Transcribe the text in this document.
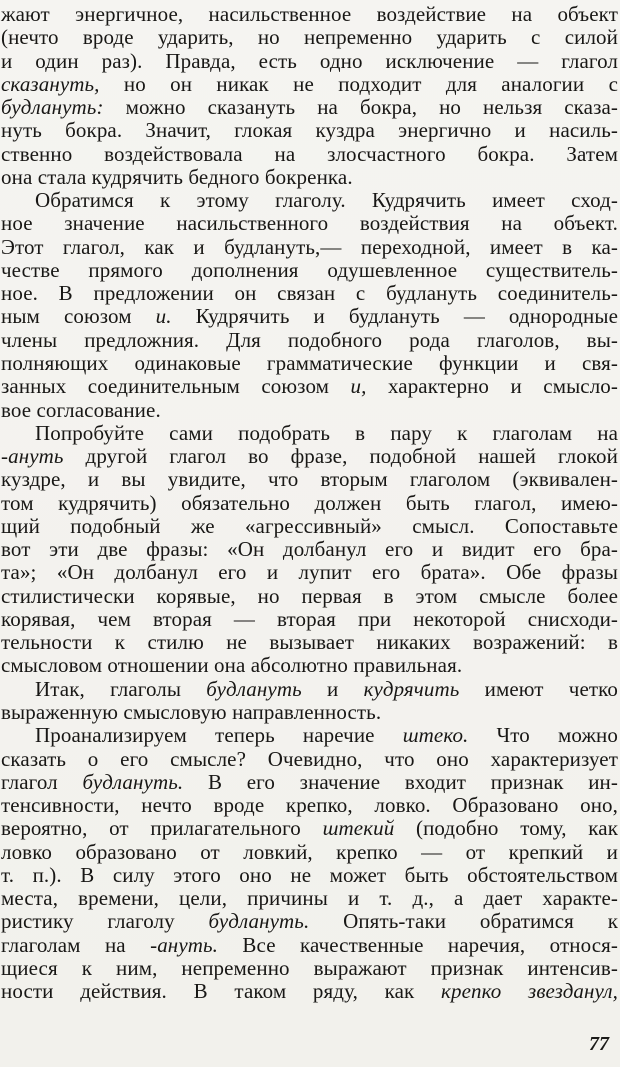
жают энергичное, насильственное воздействие на объект
(нечто вроде ударить, но непременно ударить с силой
и один раз). Правда, есть одно исключение — глагол
сказануть, но он никак не подходит для аналогии с
будлануть: можно сказануть на бокра, но нельзя сказа-
нуть бокра. Значит, глокая куздра энергично и насиль-
ственно воздействовала на злосчастного бокра. Затем
она стала кудрячить бедного бокренка.
Обратимся к этому глаголу. Кудрячить имеет сход-
ное значение насильственного воздействия на объект.
Этот глагол, как и будлануть,— переходной, имеет в ка-
честве прямого дополнения одушевленное существитель-
ное. В предложении он связан с будлануть соединитель-
ным союзом и. Кудрячить и будлануть — однородные
члены предложния. Для подобного рода глаголов, вы-
полняющих одинаковые грамматические функции и свя-
занных соединительным союзом и, характерно и смысло-
вое согласование.
Попробуйте сами подобрать в пару к глаголам на
-ануть другой глагол во фразе, подобной нашей глокой
куздре, и вы увидите, что вторым глаголом (эквивален-
том кудрячить) обязательно должен быть глагол, имею-
щий подобный же «агрессивный» смысл. Сопоставьте
вот эти две фразы: «Он долбанул его и видит его бра-
та»; «Он долбанул его и лупит его брата». Обе фразы
стилистически корявые, но первая в этом смысле более
корявая, чем вторая — вторая при некоторой снисходи-
тельности к стилю не вызывает никаких возражений: в
смысловом отношении она абсолютно правильная.
Итак, глаголы будлануть и кудрячить имеют четко
выраженную смысловую направленность.
Проанализируем теперь наречие штеко. Что можно
сказать о его смысле? Очевидно, что оно характеризует
глагол будлануть. В его значение входит признак ин-
тенсивности, нечто вроде крепко, ловко. Образовано оно,
вероятно, от прилагательного штекий (подобно тому, как
ловко образовано от ловкий, крепко — от крепкий и
т. п.). В силу этого оно не может быть обстоятельством
места, времени, цели, причины и т. д., а дает характе-
ристику глаголу будлануть. Опять-таки обратимся к
глаголам на -ануть. Все качественные наречия, относя-
щиеся к ним, непременно выражают признак интенсив-
ности действия. В таком ряду, как крепко звезданул,
77
